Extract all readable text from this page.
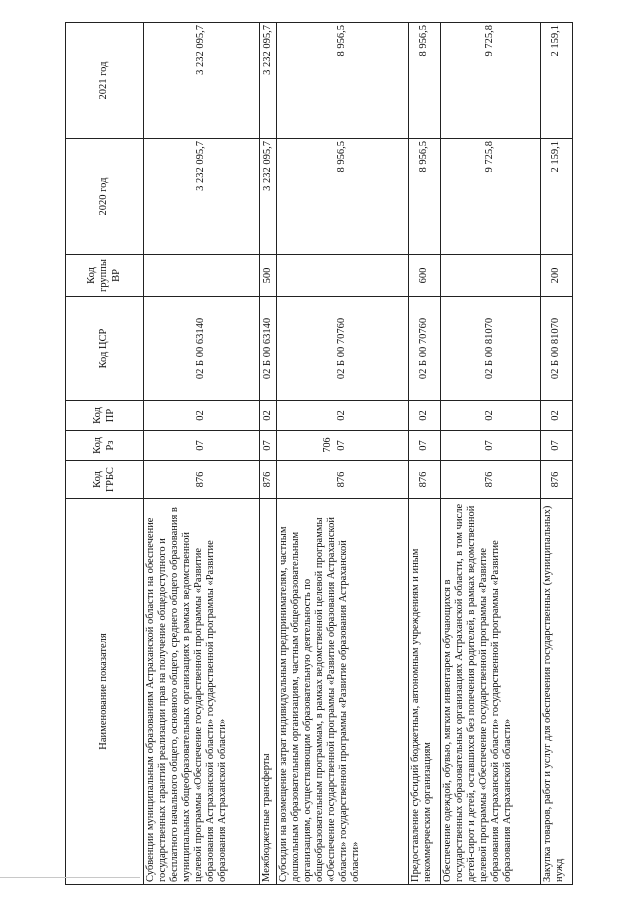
706
Наименование показателя	Код ГРБС	Код Рз	Код ПР	Код ЦСР	Код группы ВР	2020 год	2021 год
Субвенции муниципальным образованиям Астраханской области на обеспечение государственных гарантий реализации прав на получение общедоступного и бесплатного начального общего, основного общего, среднего общего образования в муниципальных общеобразовательных организациях в рамках ведомственной целевой программы «Обеспечение государственной программы «Развитие образования Астраханской области» государственной программы «Развитие образования Астраханской области»	876	07	02	02 Б 00 63140		3 232 095,7	3 232 095,7
Межбюджетные трансферты	876	07	02	02 Б 00 63140	500	3 232 095,7	3 232 095,7
Субсидии на возмещение затрат индивидуальным предпринимателям, частным дошкольным образовательным организациям, частным общеобразовательным организациям, осуществляющим образовательную деятельность по общеобразовательным программам, в рамках ведомственной целевой программы «Обеспечение государственной программы «Развитие образования Астраханской области» государственной программы «Развитие образования Астраханской области»	876	07	02	02 Б 00 70760		8 956,5	8 956,5
Предоставление субсидий бюджетным, автономным учреждениям и иным некоммерческим организациям	876	07	02	02 Б 00 70760	600	8 956,5	8 956,5
Обеспечение одеждой, обувью, мягким инвентарем обучающихся в государственных образовательных организациях Астраханской области, в том числе детей-сирот и детей, оставшихся без попечения родителей, в рамках ведомственной целевой программы «Обеспечение государственной программы «Развитие образования Астраханской области» государственной программы «Развитие образования Астраханской области»	876	07	02	02 Б 00 81070		9 725,8	9 725,8
Закупка товаров, работ и услуг для обеспечения государственных (муниципальных) нужд	876	07	02	02 Б 00 81070	200	2 159,1	2 159,1
